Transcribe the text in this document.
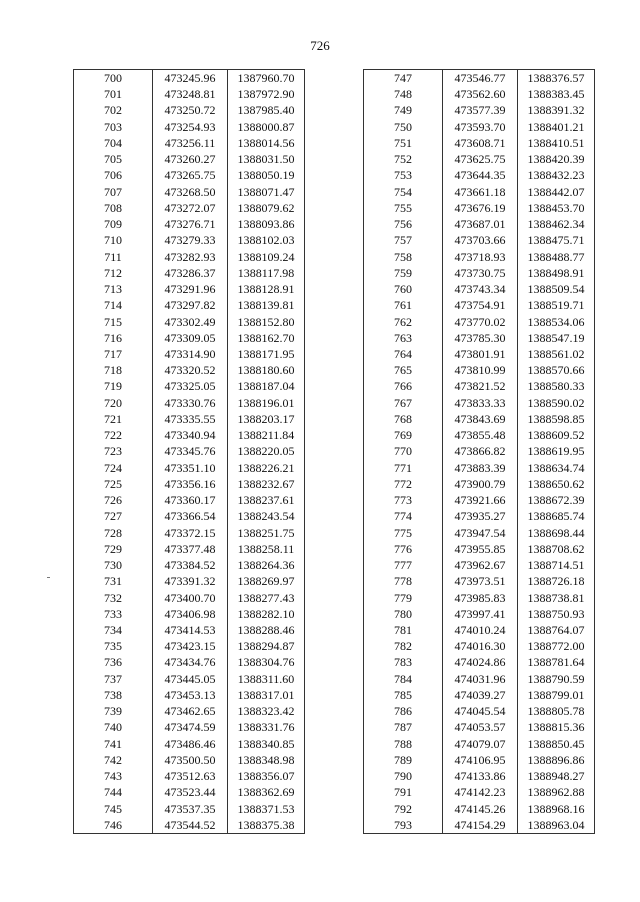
726
700	473245.96	1387960.70
701	473248.81	1387972.90
702	473250.72	1387985.40
703	473254.93	1388000.87
704	473256.11	1388014.56
705	473260.27	1388031.50
706	473265.75	1388050.19
707	473268.50	1388071.47
708	473272.07	1388079.62
709	473276.71	1388093.86
710	473279.33	1388102.03
711	473282.93	1388109.24
712	473286.37	1388117.98
713	473291.96	1388128.91
714	473297.82	1388139.81
715	473302.49	1388152.80
716	473309.05	1388162.70
717	473314.90	1388171.95
718	473320.52	1388180.60
719	473325.05	1388187.04
720	473330.76	1388196.01
721	473335.55	1388203.17
722	473340.94	1388211.84
723	473345.76	1388220.05
724	473351.10	1388226.21
725	473356.16	1388232.67
726	473360.17	1388237.61
727	473366.54	1388243.54
728	473372.15	1388251.75
729	473377.48	1388258.11
730	473384.52	1388264.36
731	473391.32	1388269.97
732	473400.70	1388277.43
733	473406.98	1388282.10
734	473414.53	1388288.46
735	473423.15	1388294.87
736	473434.76	1388304.76
737	473445.05	1388311.60
738	473453.13	1388317.01
739	473462.65	1388323.42
740	473474.59	1388331.76
741	473486.46	1388340.85
742	473500.50	1388348.98
743	473512.63	1388356.07
744	473523.44	1388362.69
745	473537.35	1388371.53
746	473544.52	1388375.38
747	473546.77	1388376.57
748	473562.60	1388383.45
749	473577.39	1388391.32
750	473593.70	1388401.21
751	473608.71	1388410.51
752	473625.75	1388420.39
753	473644.35	1388432.23
754	473661.18	1388442.07
755	473676.19	1388453.70
756	473687.01	1388462.34
757	473703.66	1388475.71
758	473718.93	1388488.77
759	473730.75	1388498.91
760	473743.34	1388509.54
761	473754.91	1388519.71
762	473770.02	1388534.06
763	473785.30	1388547.19
764	473801.91	1388561.02
765	473810.99	1388570.66
766	473821.52	1388580.33
767	473833.33	1388590.02
768	473843.69	1388598.85
769	473855.48	1388609.52
770	473866.82	1388619.95
771	473883.39	1388634.74
772	473900.79	1388650.62
773	473921.66	1388672.39
774	473935.27	1388685.74
775	473947.54	1388698.44
776	473955.85	1388708.62
777	473962.67	1388714.51
778	473973.51	1388726.18
779	473985.83	1388738.81
780	473997.41	1388750.93
781	474010.24	1388764.07
782	474016.30	1388772.00
783	474024.86	1388781.64
784	474031.96	1388790.59
785	474039.27	1388799.01
786	474045.54	1388805.78
787	474053.57	1388815.36
788	474079.07	1388850.45
789	474106.95	1388896.86
790	474133.86	1388948.27
791	474142.23	1388962.88
792	474145.26	1388968.16
793	474154.29	1388963.04
